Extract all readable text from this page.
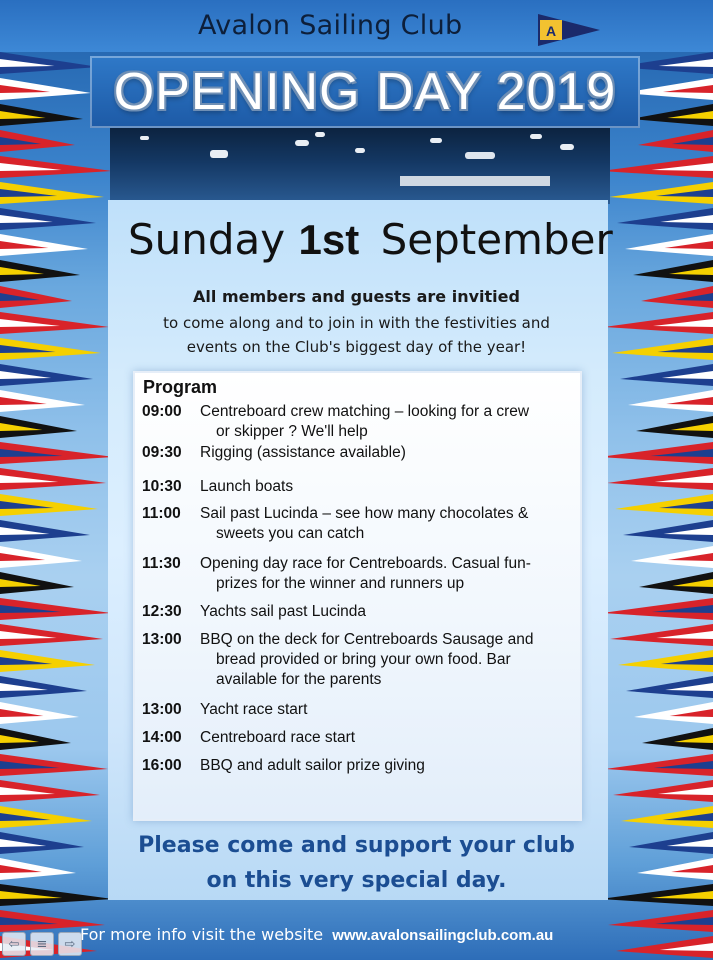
Avalon Sailing Club	A
OPENING DAY 2019
Sunday 1st September
All members and guests are invitied
to come along and to join in with the festivities and
events on the Club's biggest day of the year!
Program
09:00	Centreboard crew matching – looking for a crew
or skipper ? We'll help
09:30	Rigging (assistance available)
10:30	Launch boats
11:00	Sail past Lucinda – see how many chocolates &
sweets you can catch
11:30	Opening day race for Centreboards. Casual fun-
prizes for the winner and runners up
12:30	Yachts sail past Lucinda
13:00	BBQ on the deck for Centreboards Sausage and
bread provided or bring your own food. Bar
available for the parents
13:00	Yacht race start
14:00	Centreboard race start
16:00	BBQ and adult sailor prize giving
Please come and support your club
on this very special day.
⇦	≡	⇨ For more info visit the website www.avalonsailingclub.com.au
